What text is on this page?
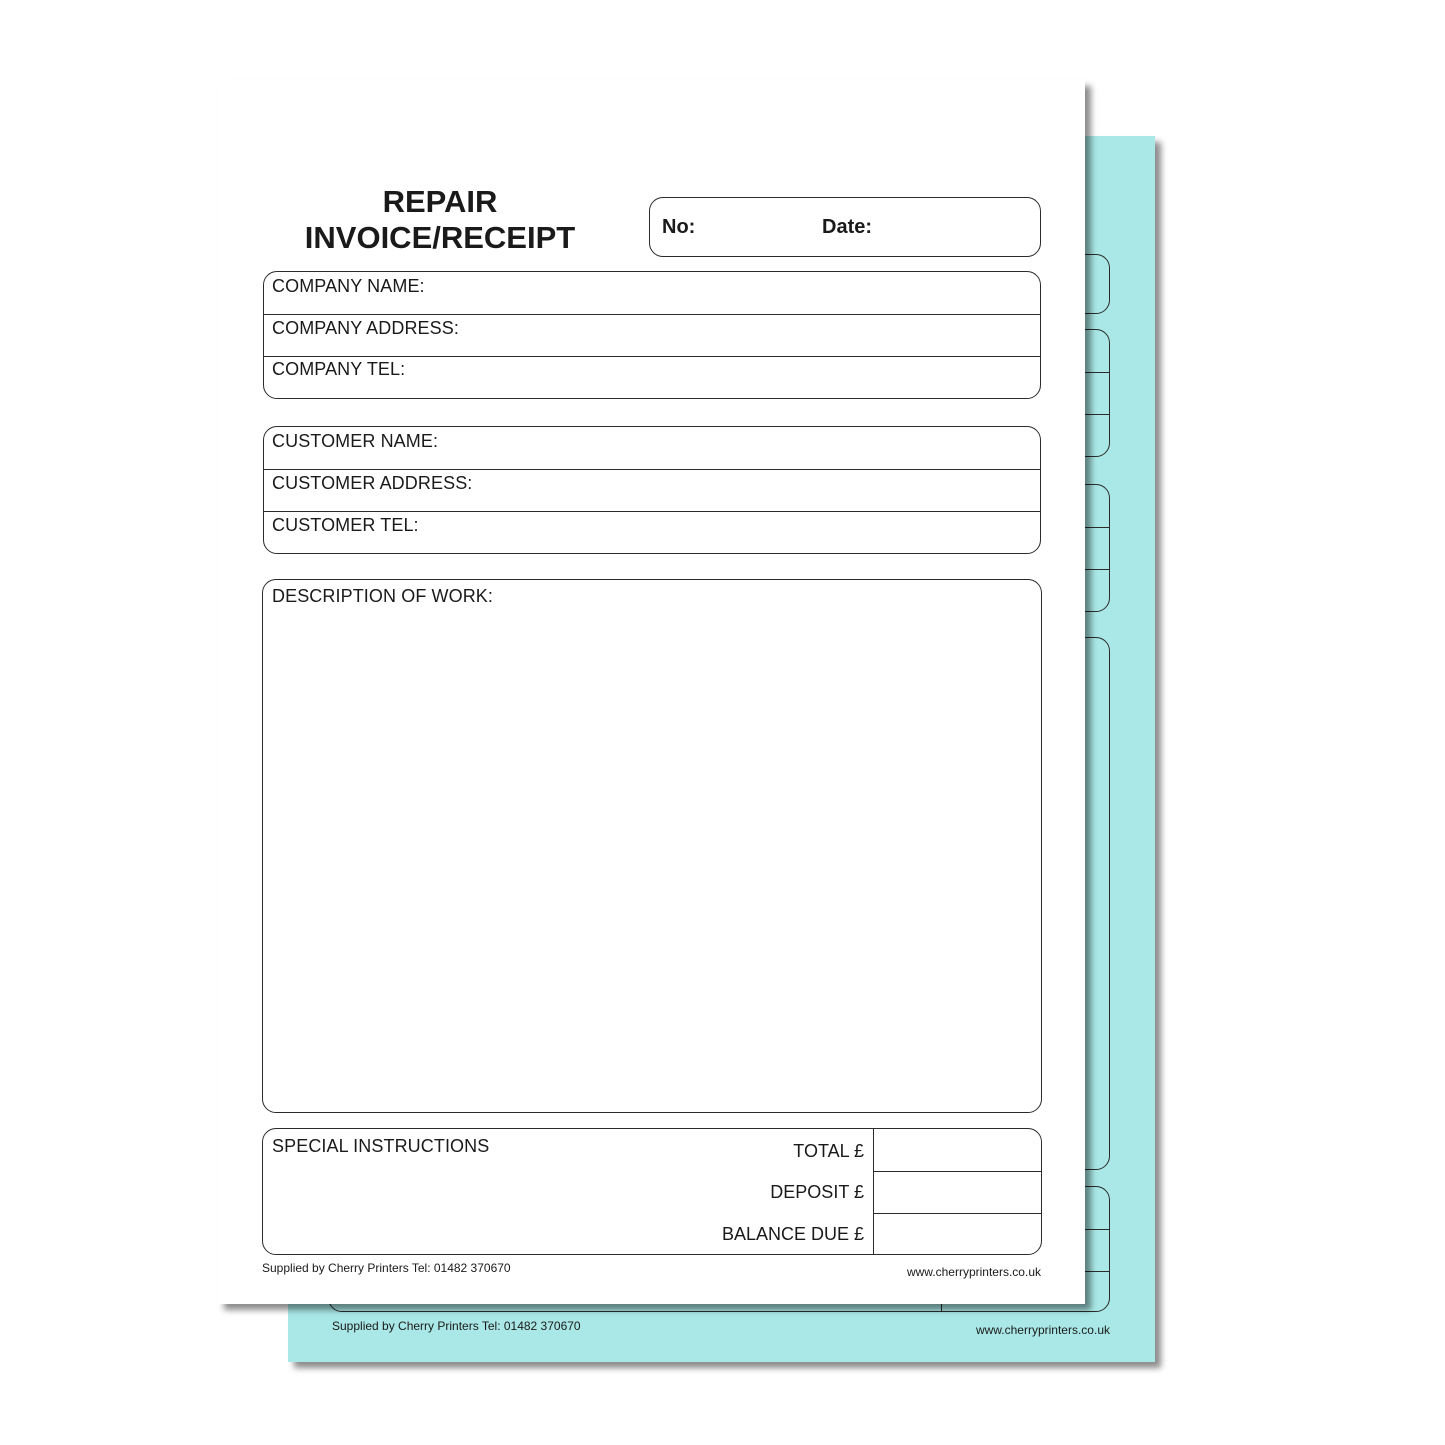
Supplied by Cherry Printers Tel: 01482 370670	www.cherryprinters.co.uk
REPAIR
INVOICE/RECEIPT	No:	Date:
COMPANY NAME:
COMPANY ADDRESS:
COMPANY TEL:
CUSTOMER NAME:
CUSTOMER ADDRESS:
CUSTOMER TEL:
DESCRIPTION OF WORK:
SPECIAL INSTRUCTIONS	TOTAL £
DEPOSIT £
BALANCE DUE £
Supplied by Cherry Printers Tel: 01482 370670	www.cherryprinters.co.uk
